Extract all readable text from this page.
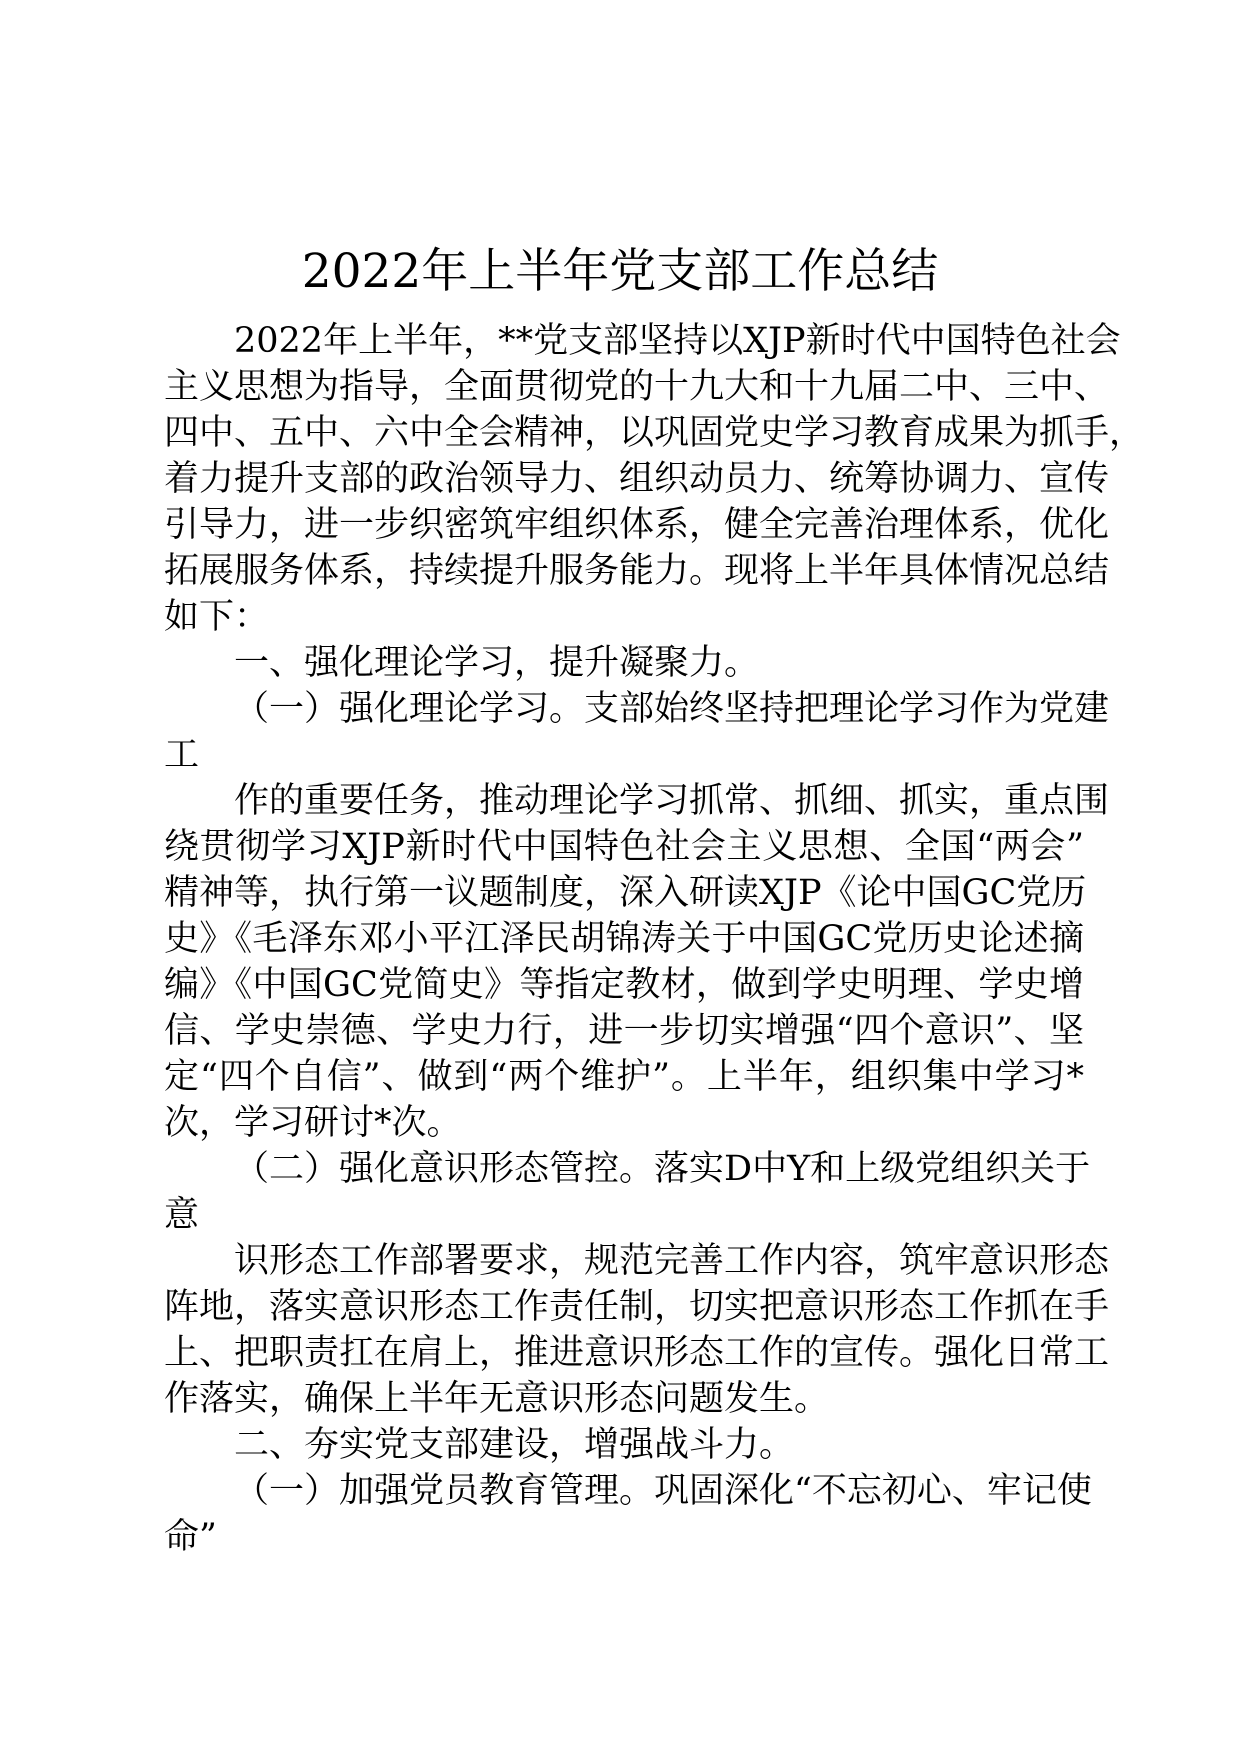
2022年上半年党支部工作总结
2022年上半年，**党支部坚持以XJP新时代中国特色社会
主义思想为指导，全面贯彻党的十九大和十九届二中、三中、
四中、五中、六中全会精神，以巩固党史学习教育成果为抓手，
着力提升支部的政治领导力、组织动员力、统筹协调力、宣传
引导力，进一步织密筑牢组织体系，健全完善治理体系，优化
拓展服务体系，持续提升服务能力。现将上半年具体情况总结
如下：
一、强化理论学习，提升凝聚力。
（一）强化理论学习。支部始终坚持把理论学习作为党建
工
作的重要任务，推动理论学习抓常、抓细、抓实，重点围
绕贯彻学习XJP新时代中国特色社会主义思想、全国“两会”
精神等，执行第一议题制度，深入研读XJP《论中国GC党历
史》《毛泽东邓小平江泽民胡锦涛关于中国GC党历史论述摘
编》《中国GC党简史》等指定教材，做到学史明理、学史增
信、学史崇德、学史力行，进一步切实增强“四个意识”、坚
定“四个自信”、做到“两个维护”。上半年，组织集中学习*
次，学习研讨*次。
（二）强化意识形态管控。落实D中Y和上级党组织关于
意
识形态工作部署要求，规范完善工作内容，筑牢意识形态
阵地，落实意识形态工作责任制，切实把意识形态工作抓在手
上、把职责扛在肩上，推进意识形态工作的宣传。强化日常工
作落实，确保上半年无意识形态问题发生。
二、夯实党支部建设，增强战斗力。
（一）加强党员教育管理。巩固深化“不忘初心、牢记使
命”
